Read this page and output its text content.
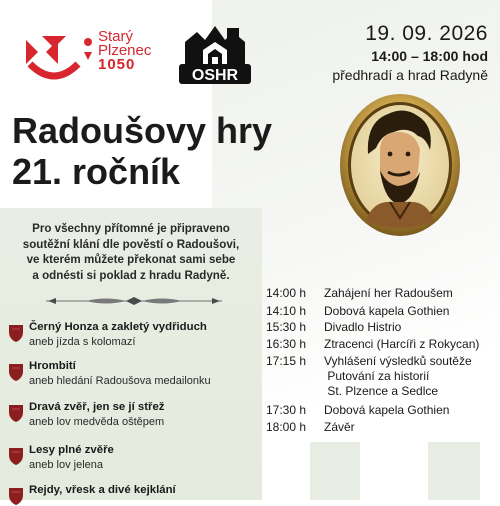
Starý
Plzenec
1050
OSHR
19. 09. 2026
14:00 – 18:00 hod
předhradí a hrad Radyně
Radoušovy hry
21. ročník
Pro všechny přítomné je připraveno
soutěžní klání dle pověstí o Radoušovi,
ve kterém můžete překonat sami sebe
a odnésti si poklad z hradu Radyně.
Černý Honza a zakletý vydřiduch
aneb jízda s kolomazí
Hrombití
aneb hledání Radoušova medailonku
Dravá zvěř, jen se jí střež
aneb lov medvěda oštěpem
Lesy plné zvěře
aneb lov jelena
Rejdy, vřesk a divé kejklání
14:00 h	Zahájení her Radoušem
14:10 h	Dobová kapela Gothien
15:30 h	Divadlo Histrio
16:30 h	Ztracenci (Harcíři z Rokycan)
17:15 h	Vyhlášení výsledků soutěže
Putování za historií
St. Plzence a Sedlce
17:30 h	Dobová kapela Gothien
18:00 h	Závěr
